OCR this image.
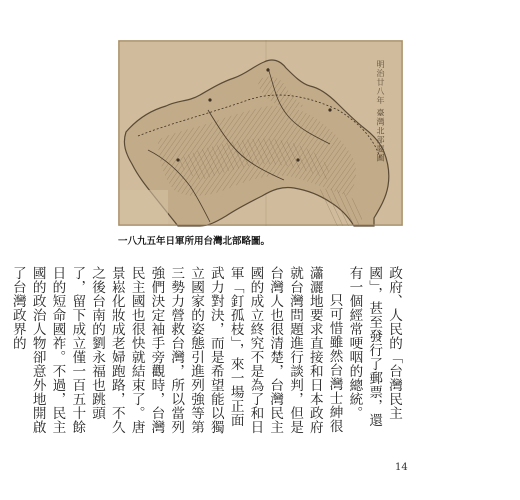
明治廿八年 臺灣北部要圖
一八九五年日軍所用台灣北部略圖。

政府、人民的「台灣民主國」，甚至發行了郵票，還有一個經常哽咽的總統。

只可惜雖然台灣士紳很瀟灑地要求直接和日本政府就台灣問題進行談判，但是台灣人也很清楚，台灣民主國的成立終究不是為了和日軍「釘孤枝」，來一場正面武力對決，而是希望能以獨立國家的姿態引進列強等第三勢力營救台灣，所以當列強們決定袖手旁觀時，台灣民主國也很快就結束了。唐景崧化妝成老婦跑路，不久之後台南的劉永福也跳頭了，留下成立僅一百五十餘日的短命國祚。不過，民主國的政治人物卻意外地開啟了台灣政界的

14
